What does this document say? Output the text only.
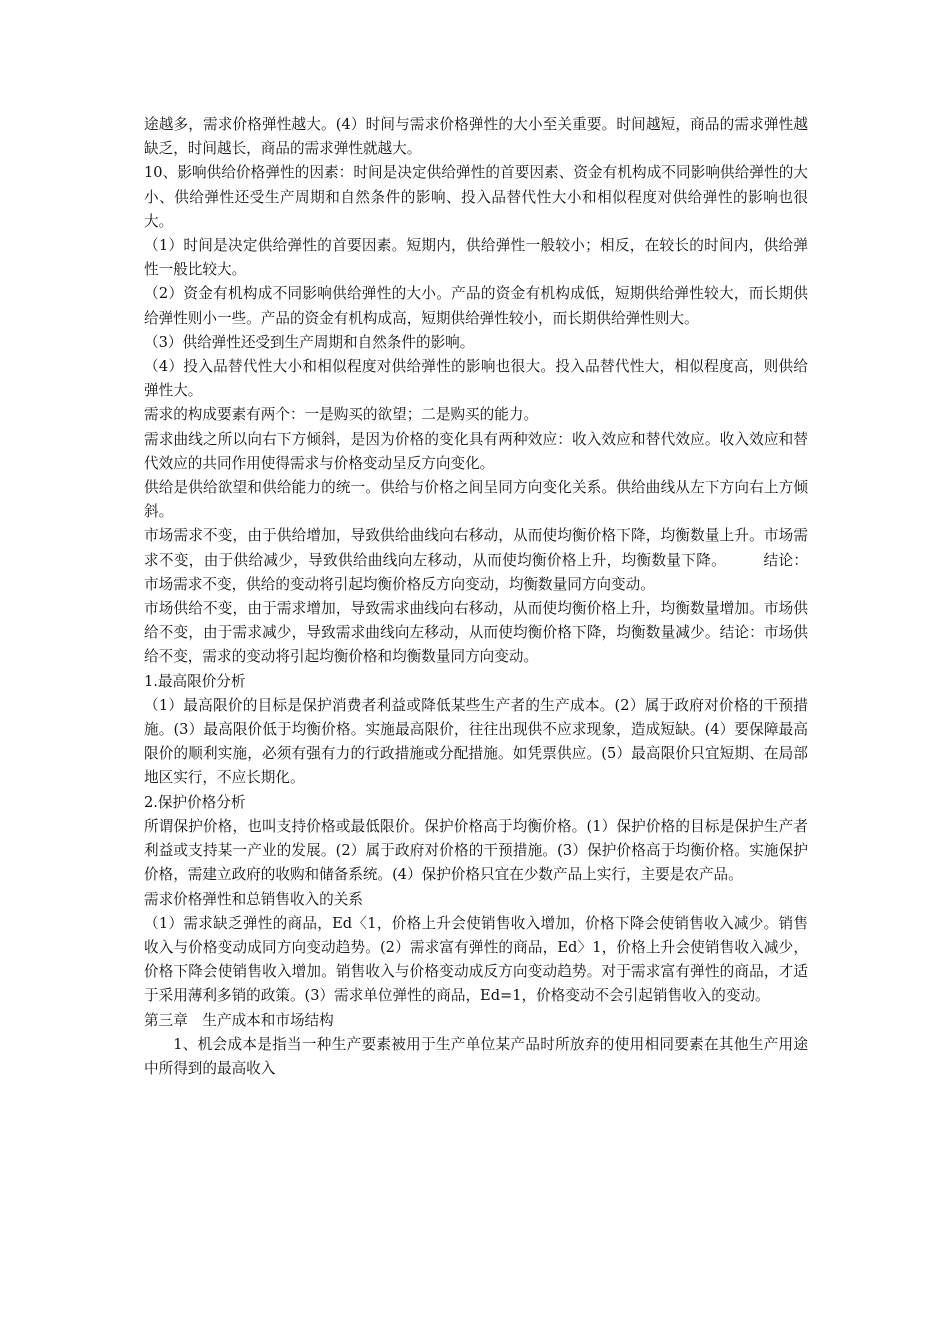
途越多，需求价格弹性越大。(4）时间与需求价格弹性的大小至关重要。时间越短，商品的需求弹性越缺乏，时间越长，商品的需求弹性就越大。

10、影响供给价格弹性的因素：时间是决定供给弹性的首要因素、资金有机构成不同影响供给弹性的大小、供给弹性还受生产周期和自然条件的影响、投入品替代性大小和相似程度对供给弹性的影响也很大。

（1）时间是决定供给弹性的首要因素。短期内，供给弹性一般较小；相反，在较长的时间内，供给弹性一般比较大。

（2）资金有机构成不同影响供给弹性的大小。产品的资金有机构成低，短期供给弹性较大，而长期供给弹性则小一些。产品的资金有机构成高，短期供给弹性较小，而长期供给弹性则大。

（3）供给弹性还受到生产周期和自然条件的影响。

（4）投入品替代性大小和相似程度对供给弹性的影响也很大。投入品替代性大，相似程度高，则供给弹性大。

需求的构成要素有两个：一是购买的欲望；二是购买的能力。

需求曲线之所以向右下方倾斜，是因为价格的变化具有两种效应：收入效应和替代效应。收入效应和替代效应的共同作用使得需求与价格变动呈反方向变化。

供给是供给欲望和供给能力的统一。供给与价格之间呈同方向变化关系。供给曲线从左下方向右上方倾斜。

市场需求不变，由于供给增加，导致供给曲线向右移动，从而使均衡价格下降，均衡数量上升。市场需求不变，由于供给减少，导致供给曲线向左移动，从而使均衡价格上升，均衡数量下降。　　　结论：市场需求不变，供给的变动将引起均衡价格反方向变动，均衡数量同方向变动。

市场供给不变，由于需求增加，导致需求曲线向右移动，从而使均衡价格上升，均衡数量增加。市场供给不变，由于需求减少，导致需求曲线向左移动，从而使均衡价格下降，均衡数量减少。结论：市场供给不变，需求的变动将引起均衡价格和均衡数量同方向变动。

1.最高限价分析

（1）最高限价的目标是保护消费者利益或降低某些生产者的生产成本。(2）属于政府对价格的干预措施。(3）最高限价低于均衡价格。实施最高限价，往往出现供不应求现象，造成短缺。(4）要保障最高限价的顺利实施，必须有强有力的行政措施或分配措施。如凭票供应。(5）最高限价只宜短期、在局部地区实行，不应长期化。

2.保护价格分析

所谓保护价格，也叫支持价格或最低限价。保护价格高于均衡价格。(1）保护价格的目标是保护生产者利益或支持某一产业的发展。(2）属于政府对价格的干预措施。(3）保护价格高于均衡价格。实施保护价格，需建立政府的收购和储备系统。(4）保护价格只宜在少数产品上实行，主要是农产品。

需求价格弹性和总销售收入的关系

（1）需求缺乏弹性的商品，Ed〈1，价格上升会使销售收入增加，价格下降会使销售收入减少。销售收入与价格变动成同方向变动趋势。(2）需求富有弹性的商品，Ed〉1，价格上升会使销售收入减少，价格下降会使销售收入增加。销售收入与价格变动成反方向变动趋势。对于需求富有弹性的商品，才适于采用薄利多销的政策。(3）需求单位弹性的商品，Ed=1，价格变动不会引起销售收入的变动。

第三章　生产成本和市场结构

1、机会成本是指当一种生产要素被用于生产单位某产品时所放弃的使用相同要素在其他生产用途中所得到的最高收入
